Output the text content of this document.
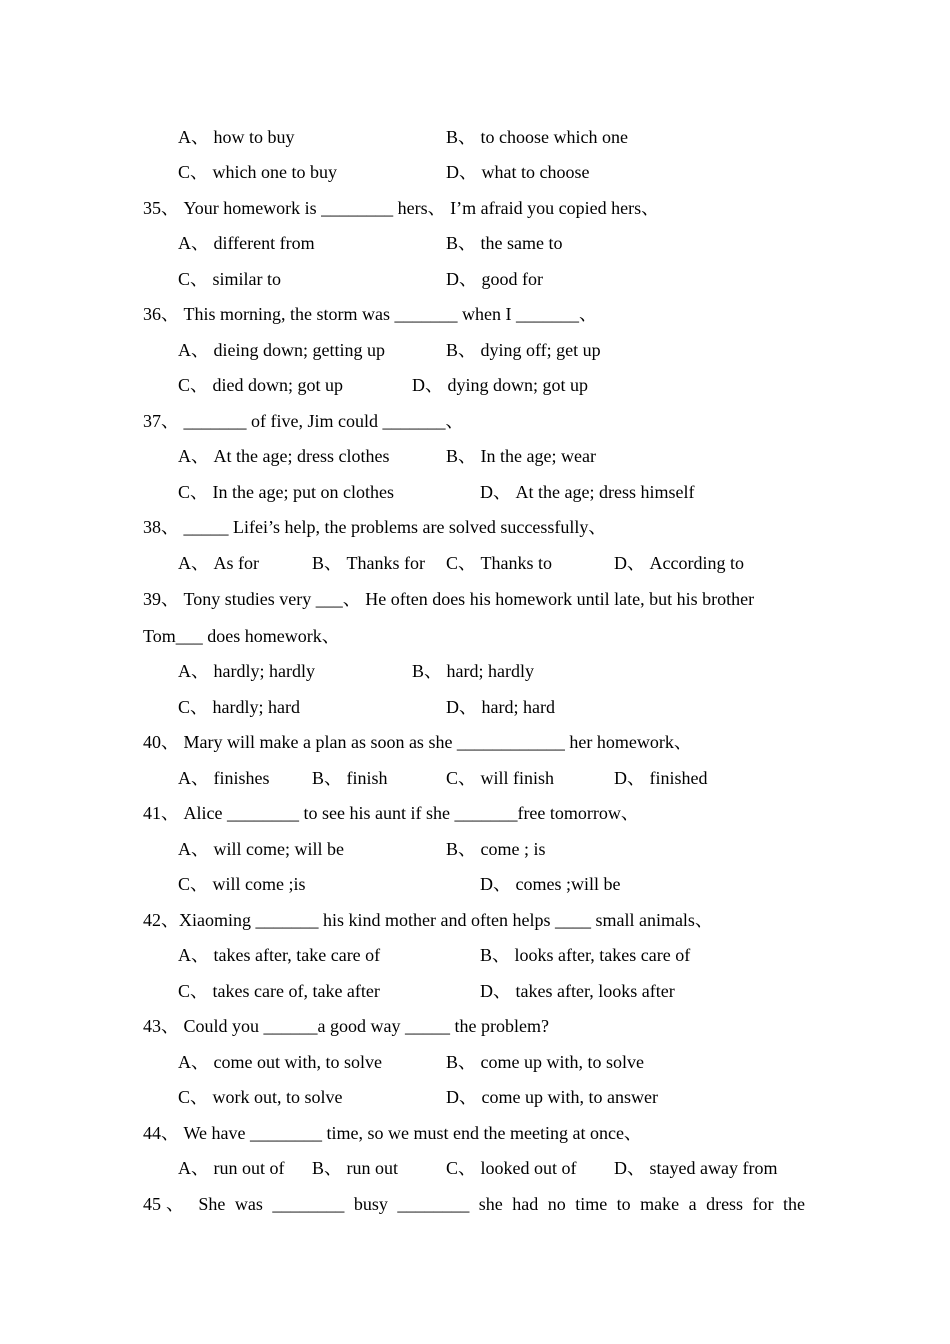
A、 how to buy	B、 to choose which one
C、 which one to buy	D、 what to choose
35、 Your homework is ________ hers、 I’m afraid you copied hers、
A、 different from	B、 the same to
C、 similar to	D、 good for
36、 This morning, the storm was _______ when I _______、
A、 dieing down; getting up	B、 dying off; get up
C、 died down; got up	D、 dying down; got up
37、 _______ of five, Jim could _______、
A、 At the age; dress clothes	B、 In the age; wear
C、 In the age; put on clothes	D、 At the age; dress himself
38、 _____ Lifei’s help, the problems are solved successfully、
A、 As for	B、 Thanks for C、 Thanks to	D、 According to
39、 Tony studies very ___、 He often does his homework until late, but his brother
Tom___ does homework、
A、 hardly; hardly	B、 hard; hardly
C、 hardly; hard	D、 hard; hard
40、 Mary will make a plan as soon as she ____________ her homework、
A、 finishes B、 finish	C、 will finish	D、 finished
41、 Alice ________ to see his aunt if she _______free tomorrow、
A、 will come; will be	B、 come ; is
C、 will come ;is	D、 comes ;will be
42、Xiaoming _______ his kind mother and often helps ____ small animals、
A、 takes after, take care of	B、 looks after, takes care of
C、 takes care of, take after	D、 takes after, looks after
43、 Could you ______a good way _____ the problem?
A、 come out with, to solve	B、 come up with, to solve
C、 work out, to solve	D、 come up with, to answer
44、 We have ________ time, so we must end the meeting at once、
A、 run out of B、 run out	C、 looked out of D、 stayed away from
45、 She was ________ busy ________ she had no time to make a dress for the
